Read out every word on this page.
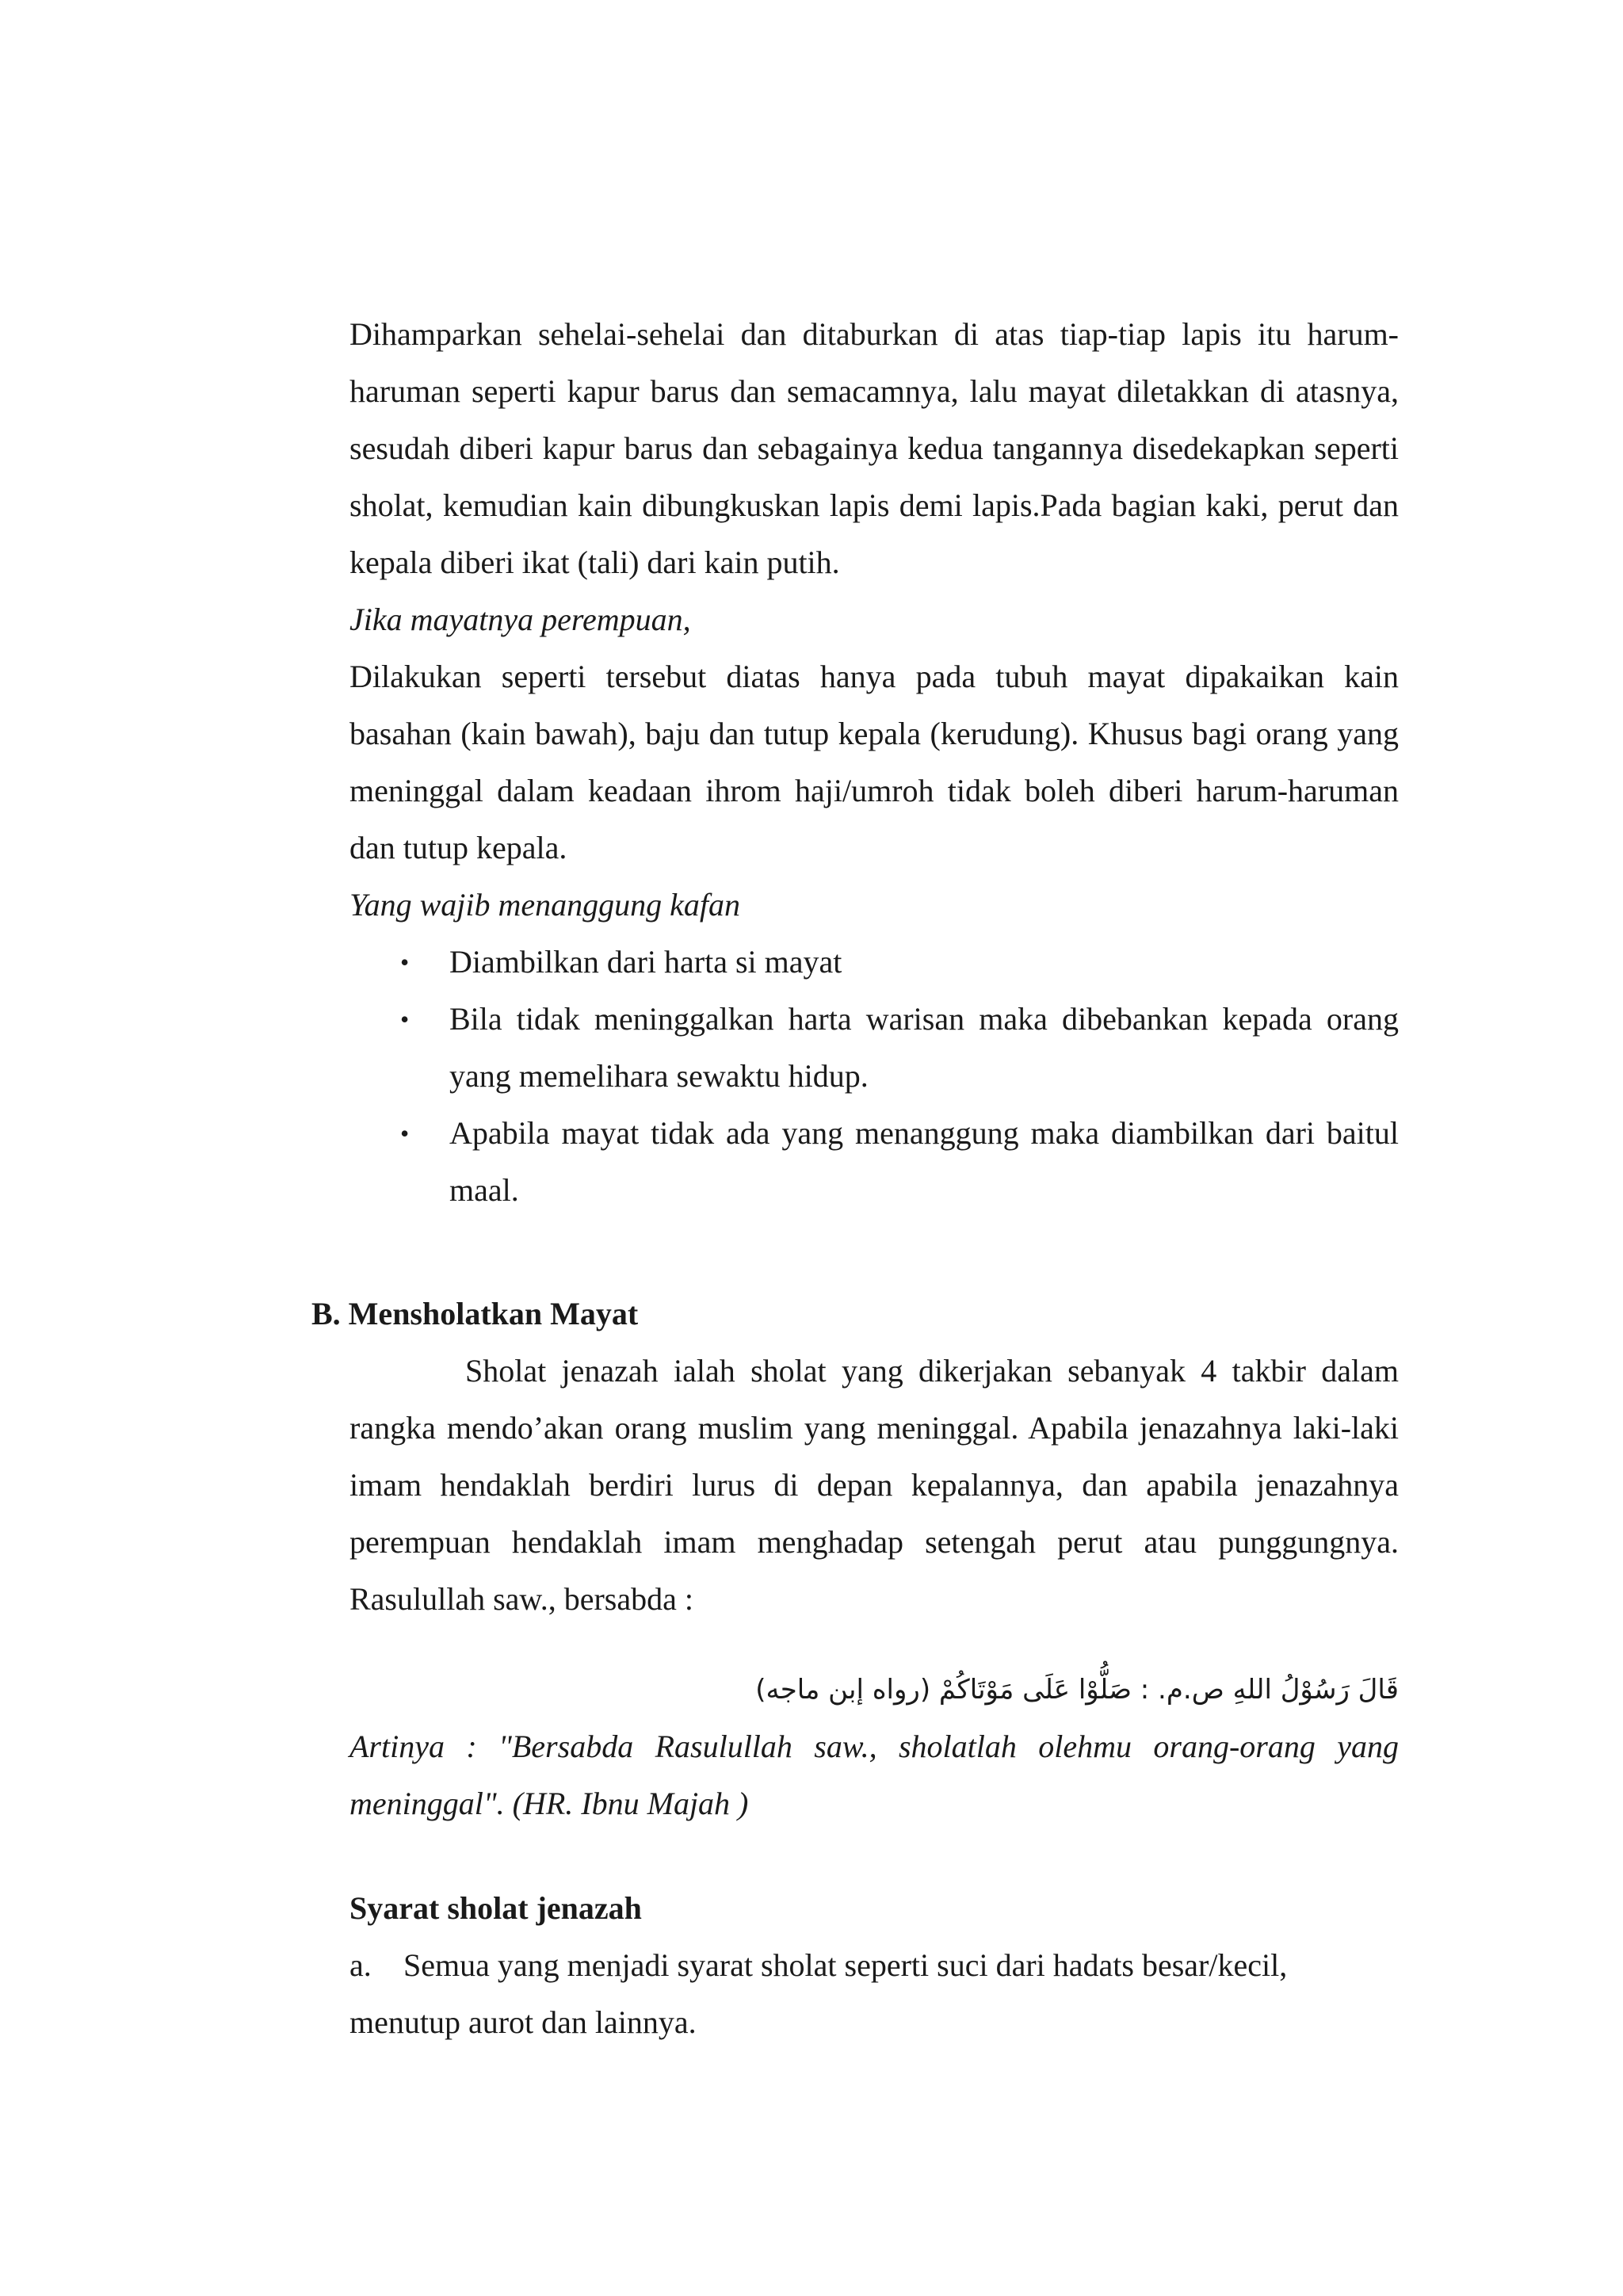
Dihamparkan sehelai-sehelai dan ditaburkan di atas tiap-tiap lapis itu harum-haruman seperti kapur barus dan semacamnya, lalu mayat diletakkan di atasnya, sesudah diberi kapur barus dan sebagainya kedua tangannya disedekapkan seperti sholat, kemudian kain dibungkuskan lapis demi lapis.Pada bagian kaki, perut dan kepala diberi ikat (tali) dari kain putih.

Jika mayatnya perempuan,

Dilakukan seperti tersebut diatas hanya pada tubuh mayat dipakaikan kain basahan (kain bawah), baju dan tutup kepala (kerudung). Khusus bagi orang yang meninggal dalam keadaan ihrom haji/umroh tidak boleh diberi harum-haruman dan tutup kepala.

Yang wajib menanggung kafan

• Diambilkan dari harta si mayat
• Bila tidak meninggalkan harta warisan maka dibebankan kepada orang yang memelihara sewaktu hidup.
• Apabila mayat tidak ada yang menanggung maka diambilkan dari baitul maal.

B. Mensholatkan Mayat

Sholat jenazah ialah sholat yang dikerjakan sebanyak 4 takbir dalam rangka mendo’akan orang muslim yang meninggal. Apabila jenazahnya laki-laki imam hendaklah berdiri lurus di depan kepalannya, dan apabila jenazahnya perempuan hendaklah imam menghadap setengah perut atau punggungnya. Rasulullah saw., bersabda :

قَالَ رَسُوْلُ اللهِ ص.م. : صَلُّوْا عَلَى مَوْتَاكُمْ (رواه إبن ماجه)

Artinya : "Bersabda Rasulullah saw., sholatlah olehmu orang-orang yang meninggal". (HR. Ibnu Majah )

Syarat sholat jenazah

a. Semua yang menjadi syarat sholat seperti suci dari hadats besar/kecil,

menutup aurot dan lainnya.
